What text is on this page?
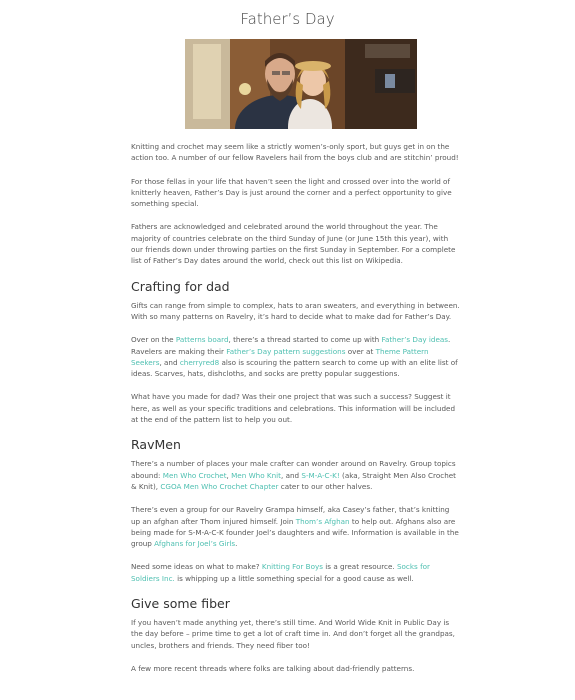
Father’s Day

Knitting and crochet may seem like a strictly women’s-only sport, but guys get in on the action too. A number of our fellow Ravelers hail from the boys club and are stitchin’ proud!

For those fellas in your life that haven’t seen the light and crossed over into the world of knitterly heaven, Father’s Day is just around the corner and a perfect opportunity to give something special.

Fathers are acknowledged and celebrated around the world throughout the year. The majority of countries celebrate on the third Sunday of June (or June 15th this year), with our friends down under throwing parties on the first Sunday in September. For a complete list of Father’s Day dates around the world, check out this list on Wikipedia.

Crafting for dad

Gifts can range from simple to complex, hats to aran sweaters, and everything in between. With so many patterns on Ravelry, it’s hard to decide what to make dad for Father’s Day.

Over on the Patterns board, there’s a thread started to come up with Father’s Day ideas. Ravelers are making their Father’s Day pattern suggestions over at Theme Pattern Seekers, and cherryred8 also is scouring the pattern search to come up with an elite list of ideas. Scarves, hats, dishcloths, and socks are pretty popular suggestions.

What have you made for dad? Was their one project that was such a success? Suggest it here, as well as your specific traditions and celebrations. This information will be included at the end of the pattern list to help you out.

RavMen

There’s a number of places your male crafter can wonder around on Ravelry. Group topics abound: Men Who Crochet, Men Who Knit, and S-M-A-C-K! (aka, Straight Men Also Crochet & Knit), CGOA Men Who Crochet Chapter cater to our other halves.

There’s even a group for our Ravelry Grampa himself, aka Casey’s father, that’s knitting up an afghan after Thom injured himself. Join Thom’s Afghan to help out. Afghans also are being made for S-M-A-C-K founder Joel’s daughters and wife. Information is available in the group Afghans for Joel’s Girls.

Need some ideas on what to make? Knitting For Boys is a great resource. Socks for Soldiers Inc. is whipping up a little something special for a good cause as well.

Give some fiber

If you haven’t made anything yet, there’s still time. And World Wide Knit in Public Day is the day before – prime time to get a lot of craft time in. And don’t forget all the grandpas, uncles, brothers and friends. They need fiber too!

A few more recent threads where folks are talking about dad-friendly patterns.
